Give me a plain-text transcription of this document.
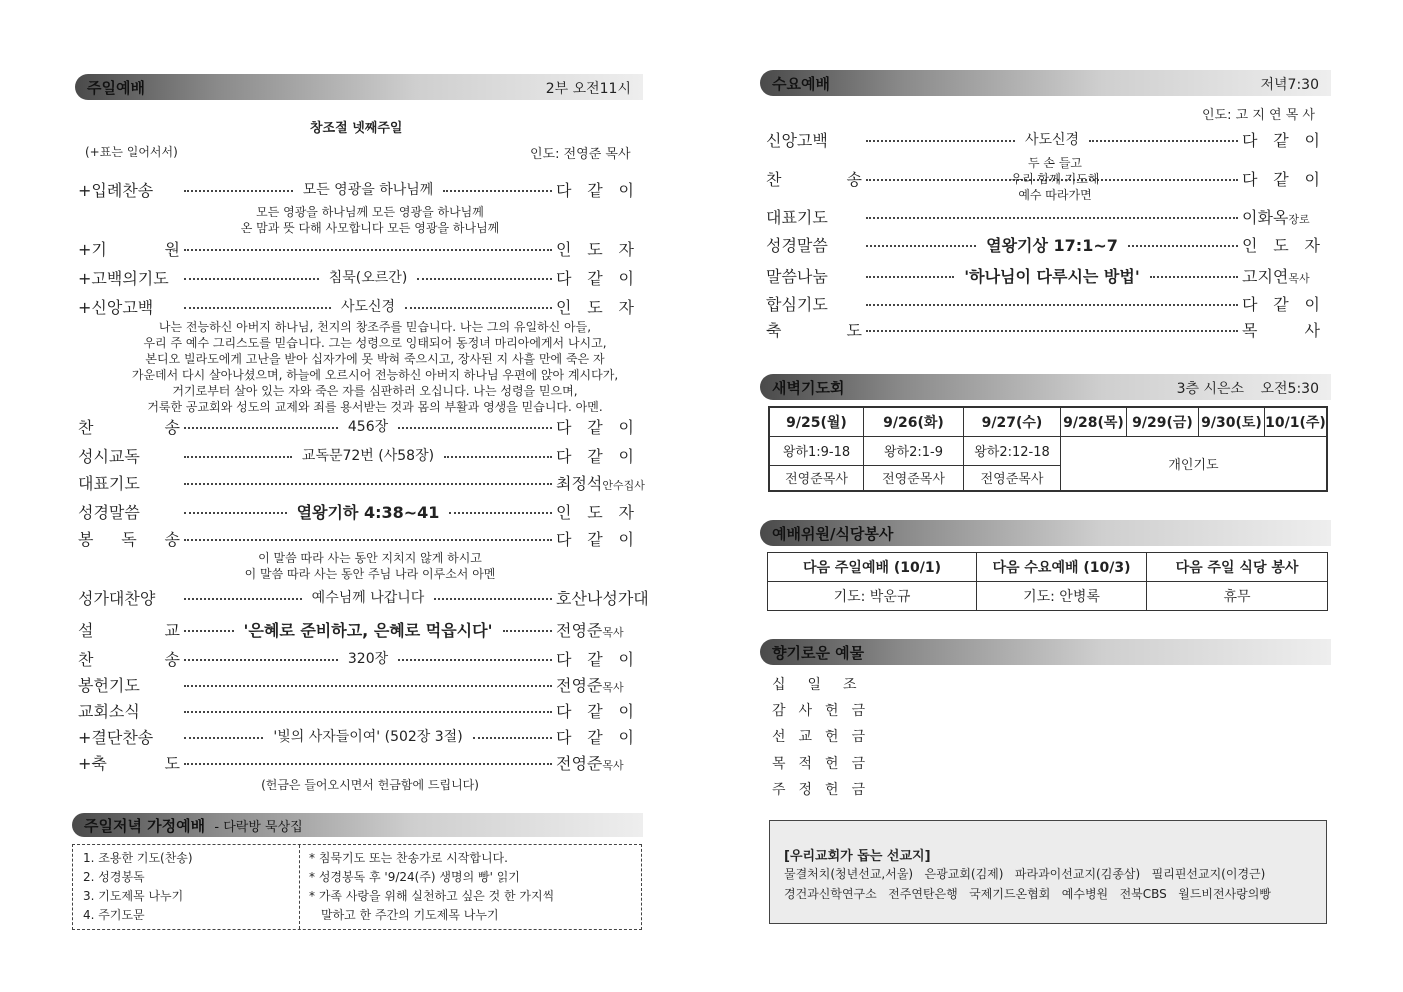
주일예배	2부 오전11시
창조절 넷째주일
(+표는 일어서서)	인도: 전영준 목사
+입례찬송	모든 영광을 하나님께	다 같 이
+기 원	인 도 자
+고백의기도	침묵(오르간)	다 같 이
+신앙고백	사도신경	인 도 자
찬 송	456장	다 같 이
성시교독	교독문72번 (사58장)	다 같 이
대표기도	최정석안수집사
성경말씀	열왕기하 4:38~41	인 도 자
봉 독 송	다 같 이
성가대찬양	예수님께 나갑니다	호산나성가대
설 교	'은혜로 준비하고, 은혜로 먹읍시다'	전영준목사
찬 송	320장	다 같 이
봉헌기도	전영준목사
교회소식	다 같 이
+결단찬송	'빛의 사자들이여' (502장 3절)	다 같 이
+축 도	전영준목사
모든 영광을 하나님께 모든 영광을 하나님께
온 맘과 뜻 다해 사모합니다 모든 영광을 하나님께
나는 전능하신 아버지 하나님, 천지의 창조주를 믿습니다. 나는 그의 유일하신 아들,
우리 주 예수 그리스도를 믿습니다. 그는 성령으로 잉태되어 동정녀 마리아에게서 나시고,
본디오 빌라도에게 고난을 받아 십자가에 못 박혀 죽으시고, 장사된 지 사흘 만에 죽은 자
가운데서 다시 살아나셨으며, 하늘에 오르시어 전능하신 아버지 하나님 우편에 앉아 계시다가,
거기로부터 살아 있는 자와 죽은 자를 심판하러 오십니다. 나는 성령을 믿으며,
거룩한 공교회와 성도의 교제와 죄를 용서받는 것과 몸의 부활과 영생을 믿습니다. 아멘.
이 말씀 따라 사는 동안 지치지 않게 하시고
이 말씀 따라 사는 동안 주님 나라 이루소서 아멘
(헌금은 들어오시면서 헌금함에 드립니다)
주일저녁 가정예배 - 다락방 묵상집
1. 조용한 기도(찬송)
2. 성경봉독
3. 기도제목 나누기
4. 주기도문
* 침묵기도 또는 찬송가로 시작합니다.
* 성경봉독 후 '9/24(주) 생명의 빵' 읽기
* 가족 사랑을 위해 실천하고 싶은 것 한 가지씩
말하고 한 주간의 기도제목 나누기
수요예배	저녁7:30
인도: 고 지 연 목 사
신앙고백	사도신경	다 같 이
찬 송	다 같 이
대표기도	이화옥장로
성경말씀	열왕기상 17:1~7	인 도 자
말씀나눔	'하나님이 다루시는 방법'	고지연목사
합심기도	다 같 이
축 도	목 사
두 손 들고
우리 함께 기도해
예수 따라가면
새벽기도회	3층 시은소 오전5:30
9/25(월)	9/26(화)	9/27(수)	9/28(목)	9/29(금)	9/30(토)	10/1(주)
왕하1:9-18	왕하2:1-9	왕하2:12-18	개인기도			
전영준목사	전영준목사	전영준목사				
예배위원/식당봉사
다음 주일예배 (10/1)	다음 수요예배 (10/3)	다음 주일 식당 봉사
기도: 박운규	기도: 안병록	휴무
향기로운 예물
십일조
감사헌금
선교헌금
목적헌금
주정헌금
[우리교회가 돕는 선교지]
물결처치(청년선교,서울)   은광교회(김제)   파라과이선교지(김종삼)   필리핀선교지(이경근)
경건과신학연구소   전주연탄은행   국제기드온협회   예수병원   전북CBS   월드비전사랑의빵
